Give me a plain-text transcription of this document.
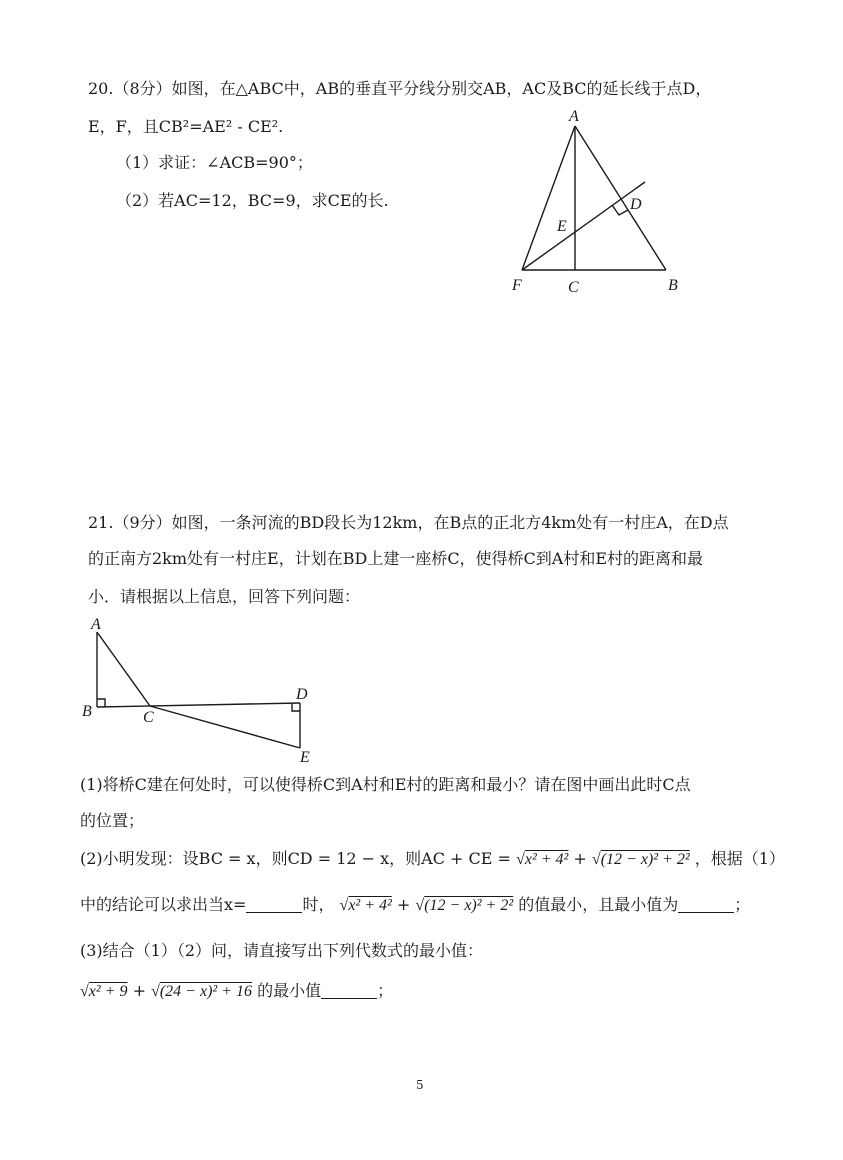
20.（8分）如图，在△ABC中，AB的垂直平分线分别交AB，AC及BC的延长线于点D，
E，F，且CB²=AE² - CE².
（1）求证：∠ACB=90°；
（2）若AC=12，BC=9，求CE的长.
A
B
C
D
E
F
21.（9分）如图，一条河流的BD段长为12km，在B点的正北方4km处有一村庄A，在D点
的正南方2km处有一村庄E，计划在BD上建一座桥C，使得桥C到A村和E村的距离和最
小．请根据以上信息，回答下列问题：
A
B	C
D
E
(1)将桥C建在何处时，可以使得桥C到A村和E村的距离和最小？请在图中画出此时C点
的位置；
(2)小明发现：设BC = x，则CD = 12 − x，则AC + CE = √x² + 4² + √(12 − x)² + 2² ，根据（1）
中的结论可以求出当x=	时， √x² + 4² + √(12 − x)² + 2² 的值最小，且最小值为	；
(3)结合（1）（2）问，请直接写出下列代数式的最小值：
√x² + 9 + √(24 − x)² + 16 的最小值	；
5
